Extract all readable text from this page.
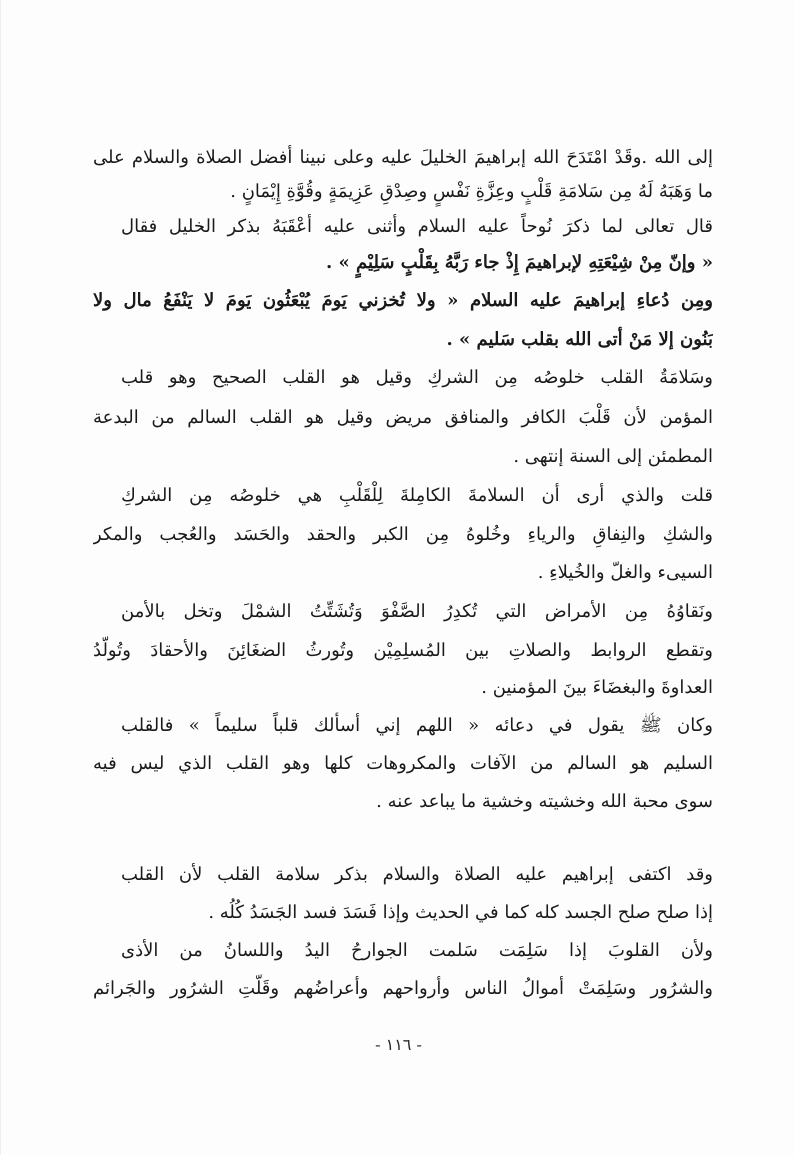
إلى الله .وقَدْ امْتَدَحَ الله إبراهيمَ الخليلَ عليه وعلى نبينا أفضل الصلاة والسلام على
ما وَهَبَهُ لَهُ مِن سَلامَةِ قَلْبٍ وعِزَّةِ نَفْسٍ وصِدْقِ عَزِيمَةٍ وقُوَّةِ إِيْمَانٍ .
قال تعالى لما ذكرَ نُوحاً عليه السلام وأثنى عليه أعْقَبَهُ بذكر الخليل فقال
« وإنّ مِنْ شِيْعَتِهِ لإبراهيمَ إِذْ جاء رَبَّهُ بِقَلْبٍ سَلِيْمٍ » .
ومِن دُعاءِ إبراهيمَ عليه السلام « ولا تُخزني يَومَ يُبْعَثُون يَومَ لا يَنْفَعُ مال ولا
بَنُون إلا مَنْ أتى الله بقلب سَليم » .
وسَلامَةُ القلب خلوصُه مِن الشركِ وقيل هو القلب الصحيح وهو قلب
المؤمن لأن قَلْبَ الكافر والمنافق مريض وقيل هو القلب السالم من البدعة
المطمئن إلى السنة إنتهى .
قلت والذي أرى أن السلامةَ الكامِلةَ لِلْقَلْبِ هي خلوصُه مِن الشركِ
والشكِ والنِفاقِ والرياءِ وخُلوهُ مِن الكبر والحقد والحَسَد والعُجب والمكر
السيىء والغلّ والخُيلاءِ .
ونَقاوُهُ مِن الأمراض التي تُكدِرُ الصَّفْوَ وَتُشَتِّتُ الشمْلَ وتخل بالأمن
وتقطع الروابط والصلاتِ بين المُسلِمِيْن وتُورثُ الضغَائِنَ والأحقادَ وتُولّدُ
العداوةَ والبغضَاءَ بينَ المؤمنين .
وكان ﷺ يقول في دعائه « اللهم إني أسألك قلباً سليماً » فالقلب
السليم هو السالم من الآفات والمكروهات كلها وهو القلب الذي ليس فيه
سوى محبة الله وخشيته وخشية ما يباعد عنه .
وقد اكتفى إبراهيم عليه الصلاة والسلام بذكر سلامة القلب لأن القلب
إذا صلح صلح الجسد كله كما في الحديث وإذا فَسَدَ فسد الجَسَدُ كُلُه .
ولأن القلوبَ إذا سَلِمَت سَلمت الجوارحُ اليدُ واللسانُ من الأذى
والشرُور وسَلِمَتْ أموالُ الناس وأرواحهم وأعراضُهم وقَلّتِ الشرُور والجَرائم
- ١١٦ -
